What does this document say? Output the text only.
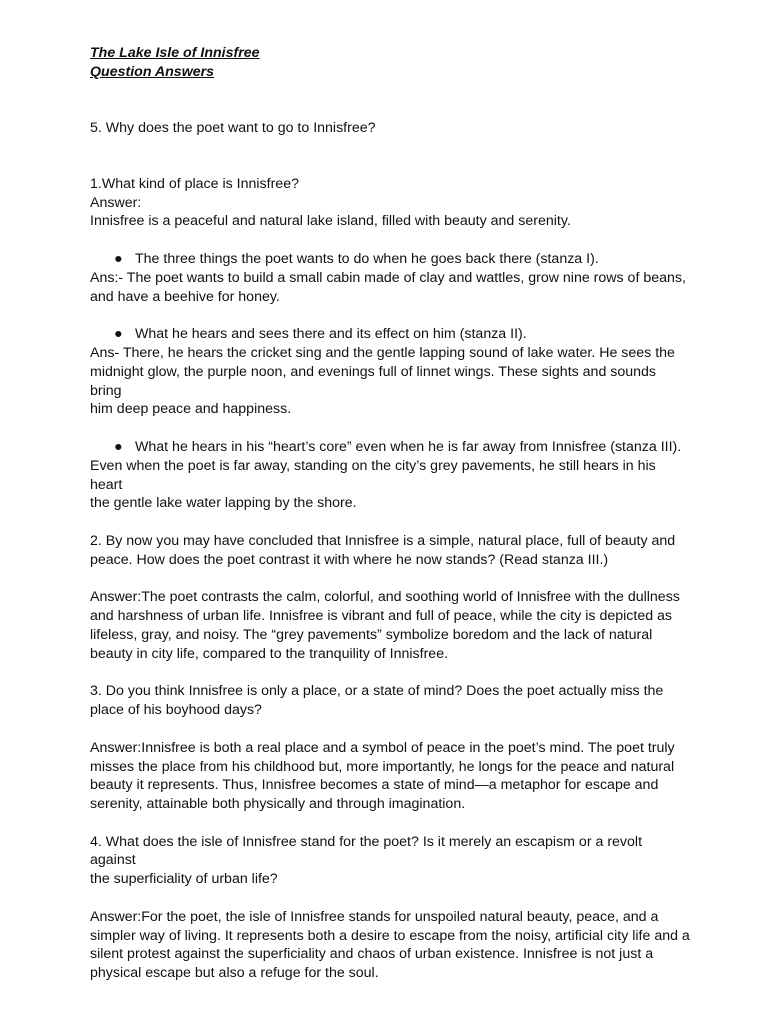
The Lake Isle of Innisfree

Question Answers

5. Why does the poet want to go to Innisfree?

1.What kind of place is Innisfree?

Answer:

Innisfree is a peaceful and natural lake island, filled with beauty and serenity.

● The three things the poet wants to do when he goes back there (stanza I).

Ans:- The poet wants to build a small cabin made of clay and wattles, grow nine rows of beans,

and have a beehive for honey.

● What he hears and sees there and its effect on him (stanza II).

Ans- There, he hears the cricket sing and the gentle lapping sound of lake water. He sees the

midnight glow, the purple noon, and evenings full of linnet wings. These sights and sounds bring

him deep peace and happiness.

● What he hears in his “heart’s core” even when he is far away from Innisfree (stanza III).

Even when the poet is far away, standing on the city’s grey pavements, he still hears in his heart

the gentle lake water lapping by the shore.

2. By now you may have concluded that Innisfree is a simple, natural place, full of beauty and

peace. How does the poet contrast it with where he now stands? (Read stanza III.)

Answer:The poet contrasts the calm, colorful, and soothing world of Innisfree with the dullness

and harshness of urban life. Innisfree is vibrant and full of peace, while the city is depicted as

lifeless, gray, and noisy. The “grey pavements” symbolize boredom and the lack of natural

beauty in city life, compared to the tranquility of Innisfree.

3. Do you think Innisfree is only a place, or a state of mind? Does the poet actually miss the

place of his boyhood days?

Answer:Innisfree is both a real place and a symbol of peace in the poet’s mind. The poet truly

misses the place from his childhood but, more importantly, he longs for the peace and natural

beauty it represents. Thus, Innisfree becomes a state of mind—a metaphor for escape and

serenity, attainable both physically and through imagination.

4. What does the isle of Innisfree stand for the poet? Is it merely an escapism or a revolt against

the superficiality of urban life?

Answer:For the poet, the isle of Innisfree stands for unspoiled natural beauty, peace, and a

simpler way of living. It represents both a desire to escape from the noisy, artificial city life and a

silent protest against the superficiality and chaos of urban existence. Innisfree is not just a

physical escape but also a refuge for the soul.
